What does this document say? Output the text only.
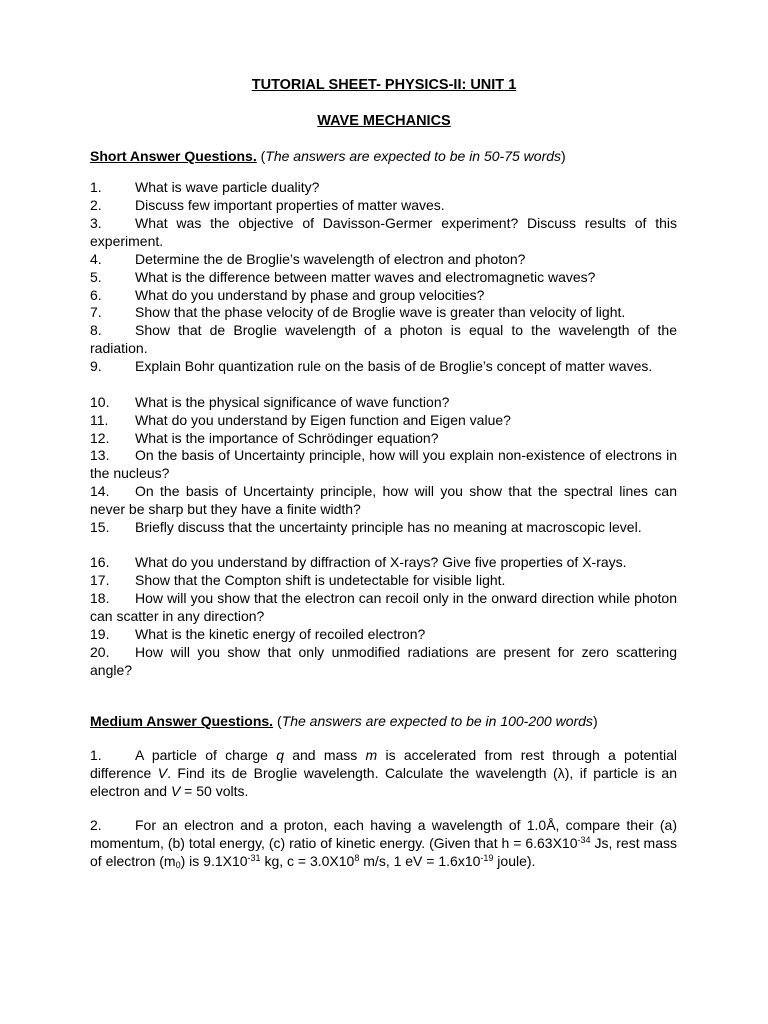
TUTORIAL SHEET- PHYSICS-II: UNIT 1
WAVE MECHANICS
Short Answer Questions. (The answers are expected to be in 50-75 words)
1. What is wave particle duality?
2. Discuss few important properties of matter waves.
3. What was the objective of Davisson-Germer experiment? Discuss results of this experiment.
4. Determine the de Broglie’s wavelength of electron and photon?
5. What is the difference between matter waves and electromagnetic waves?
6. What do you understand by phase and group velocities?
7. Show that the phase velocity of de Broglie wave is greater than velocity of light.
8. Show that de Broglie wavelength of a photon is equal to the wavelength of the radiation.
9. Explain Bohr quantization rule on the basis of de Broglie’s concept of matter waves.
10. What is the physical significance of wave function?
11. What do you understand by Eigen function and Eigen value?
12. What is the importance of Schrödinger equation?
13. On the basis of Uncertainty principle, how will you explain non-existence of electrons in the nucleus?
14. On the basis of Uncertainty principle, how will you show that the spectral lines can never be sharp but they have a finite width?
15. Briefly discuss that the uncertainty principle has no meaning at macroscopic level.
16. What do you understand by diffraction of X-rays? Give five properties of X-rays.
17. Show that the Compton shift is undetectable for visible light.
18. How will you show that the electron can recoil only in the onward direction while photon can scatter in any direction?
19. What is the kinetic energy of recoiled electron?
20. How will you show that only unmodified radiations are present for zero scattering angle?
Medium Answer Questions. (The answers are expected to be in 100-200 words)
1. A particle of charge q and mass m is accelerated from rest through a potential difference V. Find its de Broglie wavelength. Calculate the wavelength (λ), if particle is an electron and V = 50 volts.
2. For an electron and a proton, each having a wavelength of 1.0Å, compare their (a) momentum, (b) total energy, (c) ratio of kinetic energy. (Given that $h = 6.63X10^{-34}$ Js, rest mass of electron $(m_0)$ is $9.1X10^{-31}$ kg, $c = 3.0X10^8$ m/s, 1 eV = $1.6x10^{-19}$ joule).
